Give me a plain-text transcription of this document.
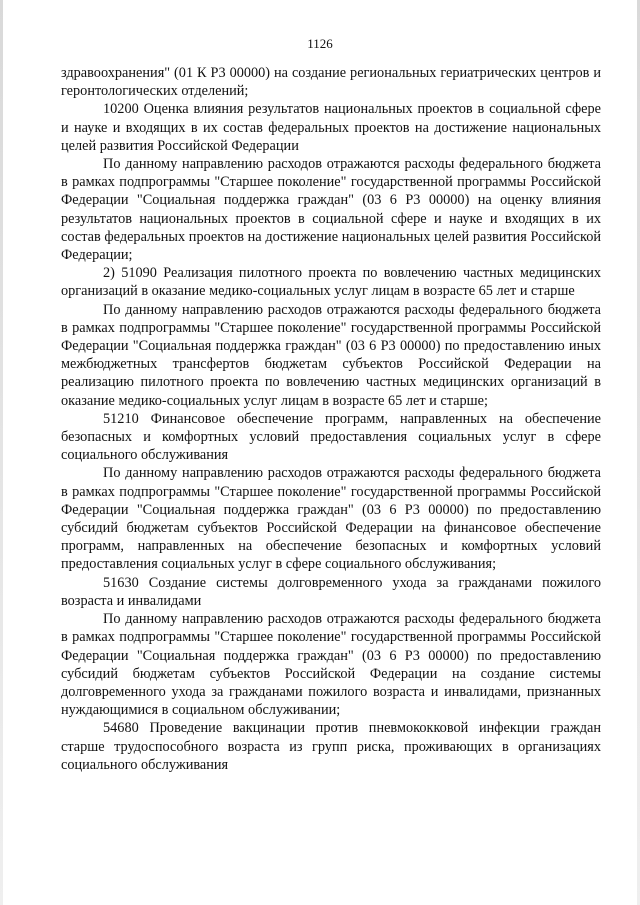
1126

здравоохранения" (01 К Р3 00000) на создание региональных гериатрических центров и геронтологических отделений;

10200 Оценка влияния результатов национальных проектов в социальной сфере и науке и входящих в их состав федеральных проектов на достижение национальных целей развития Российской Федерации

По данному направлению расходов отражаются расходы федерального бюджета в рамках подпрограммы "Старшее поколение" государственной программы Российской Федерации "Социальная поддержка граждан" (03 6 Р3 00000) на оценку влияния результатов национальных проектов в социальной сфере и науке и входящих в их состав федеральных проектов на достижение национальных целей развития Российской Федерации;

2) 51090 Реализация пилотного проекта по вовлечению частных медицинских организаций в оказание медико-социальных услуг лицам в возрасте 65 лет и старше

По данному направлению расходов отражаются расходы федерального бюджета в рамках подпрограммы "Старшее поколение" государственной программы Российской Федерации "Социальная поддержка граждан" (03 6 Р3 00000) по предоставлению иных межбюджетных трансфертов бюджетам субъектов Российской Федерации на реализацию пилотного проекта по вовлечению частных медицинских организаций в оказание медико-социальных услуг лицам в возрасте 65 лет и старше;

51210 Финансовое обеспечение программ, направленных на обеспечение безопасных и комфортных условий предоставления социальных услуг в сфере социального обслуживания

По данному направлению расходов отражаются расходы федерального бюджета в рамках подпрограммы "Старшее поколение" государственной программы Российской Федерации "Социальная поддержка граждан" (03 6 Р3 00000) по предоставлению субсидий бюджетам субъектов Российской Федерации на финансовое обеспечение программ, направленных на обеспечение безопасных и комфортных условий предоставления социальных услуг в сфере социального обслуживания;

51630 Создание системы долговременного ухода за гражданами пожилого возраста и инвалидами

По данному направлению расходов отражаются расходы федерального бюджета в рамках подпрограммы "Старшее поколение" государственной программы Российской Федерации "Социальная поддержка граждан" (03 6 Р3 00000) по предоставлению субсидий бюджетам субъектов Российской Федерации на создание системы долговременного ухода за гражданами пожилого возраста и инвалидами, признанных нуждающимися в социальном обслуживании;

54680 Проведение вакцинации против пневмококковой инфекции граждан старше трудоспособного возраста из групп риска, проживающих в организациях социального обслуживания
